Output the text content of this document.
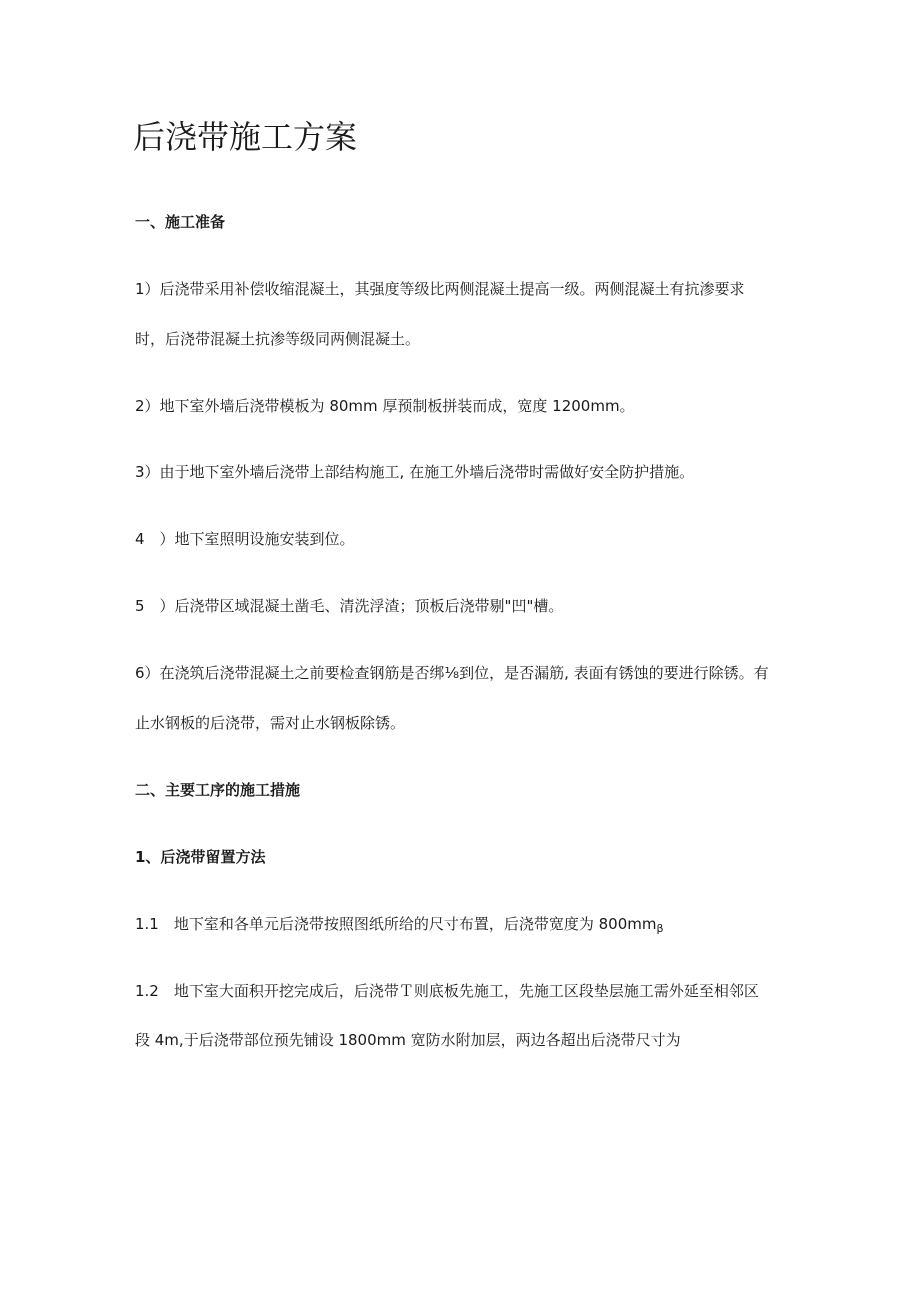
后浇带施工方案

一、施工准备

1）后浇带采用补偿收缩混凝土，其强度等级比两侧混凝土提高一级。两侧混凝土有抗渗要求

时，后浇带混凝土抗渗等级同两侧混凝土。

2）地下室外墙后浇带模板为 80mm 厚预制板拼装而成，宽度 1200mm。

3）由于地下室外墙后浇带上部结构施工, 在施工外墙后浇带时需做好安全防护措施。

4　）地下室照明设施安装到位。

5　）后浇带区域混凝土凿毛、清洗浮渣；顶板后浇带剔"凹"槽。

6）在浇筑后浇带混凝土之前要检查钢筋是否绑⅛到位，是否漏筋, 表面有锈蚀的要进行除锈。有

止水钢板的后浇带，需对止水钢板除锈。

二、主要工序的施工措施

1、后浇带留置方法

1.1　地下室和各单元后浇带按照图纸所给的尺寸布置，后浇带宽度为 $800mm_\beta$

1.2　地下室大面积开挖完成后，后浇带Ｔ则底板先施工，先施工区段垫层施工需外延至相邻区

段 4m,于后浇带部位预先铺设 1800mm 宽防水附加层，两边各超出后浇带尺寸为
